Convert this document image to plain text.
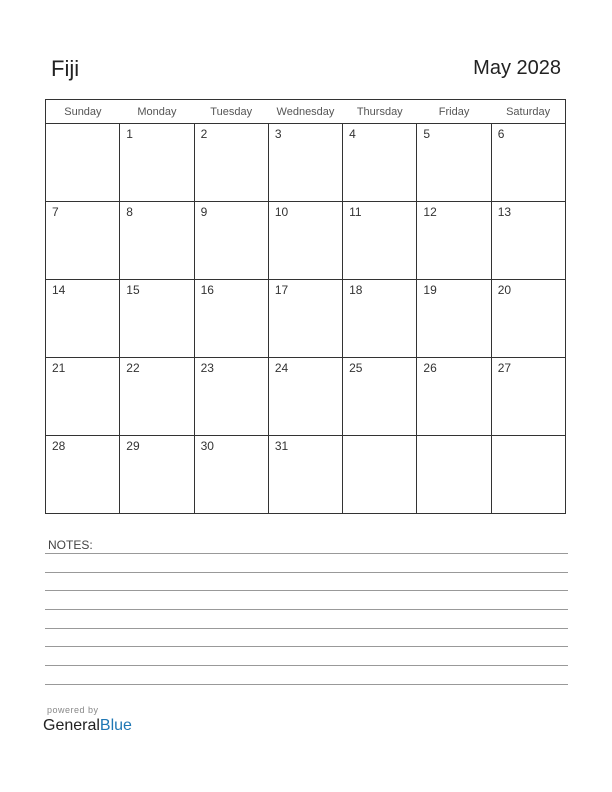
Fiji	May 2028
Sunday	Monday	Tuesday	Wednesday	Thursday	Friday	Saturday

	1	2	3	4	5	6

7	8	9	10	11	12	13

14	15	16	17	18	19	20

21	22	23	24	25	26	27

28	29	30	31			

NOTES:
powered by
GeneralBlue
